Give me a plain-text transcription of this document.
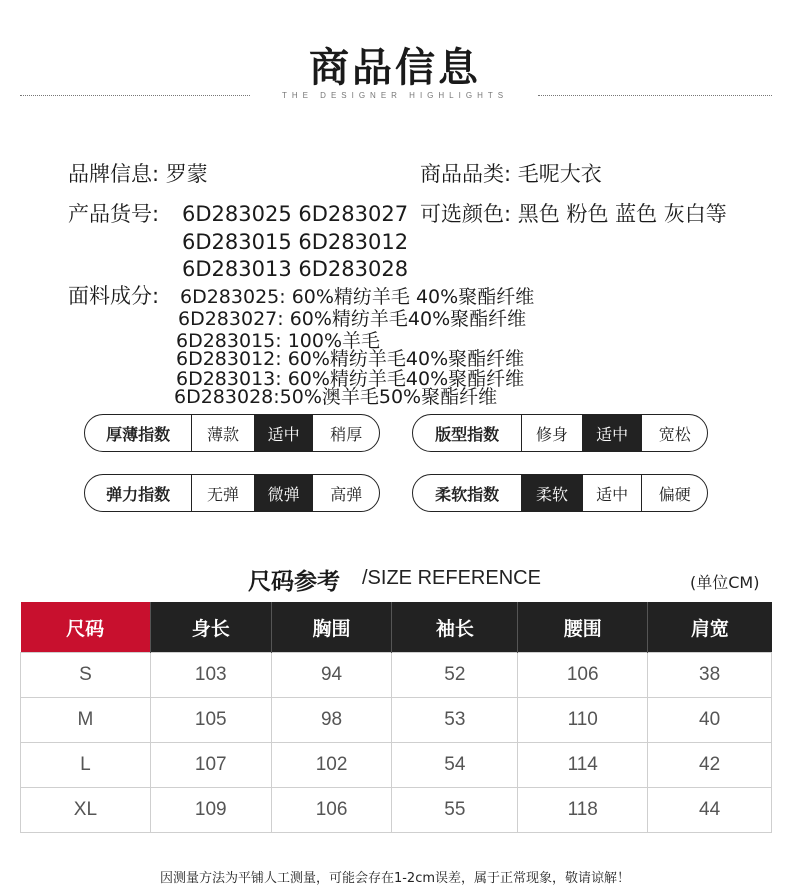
商品信息
THE DESIGNER HIGHLIGHTS
品牌信息: 罗蒙	商品品类: 毛呢大衣
产品货号: 6D283025 6D283027
6D283015 6D283012
6D283013 6D283028
可选颜色: 黑色 粉色 蓝色 灰白等
面料成分: 6D283025: 60%精纺羊毛 40%聚酯纤维
6D283027: 60%精纺羊毛40%聚酯纤维
6D283015: 100%羊毛
6D283012: 60%精纺羊毛40%聚酯纤维
6D283013: 60%精纺羊毛40%聚酯纤维
6D283028:50%澳羊毛50%聚酯纤维
厚薄指数	薄款	适中	稍厚	版型指数	修身	适中	宽松
弹力指数	无弹	微弹	高弹	柔软指数	柔软	适中	偏硬
尺码参考 /SIZE REFERENCE	(单位CM)
尺码	身长	胸围	袖长	腰围	肩宽
S	103	94	52	106	38
M	105	98	53	110	40
L	107	102	54	114	42
XL	109	106	55	118	44
因测量方法为平铺人工测量，可能会存在1-2cm误差，属于正常现象，敬请谅解！
